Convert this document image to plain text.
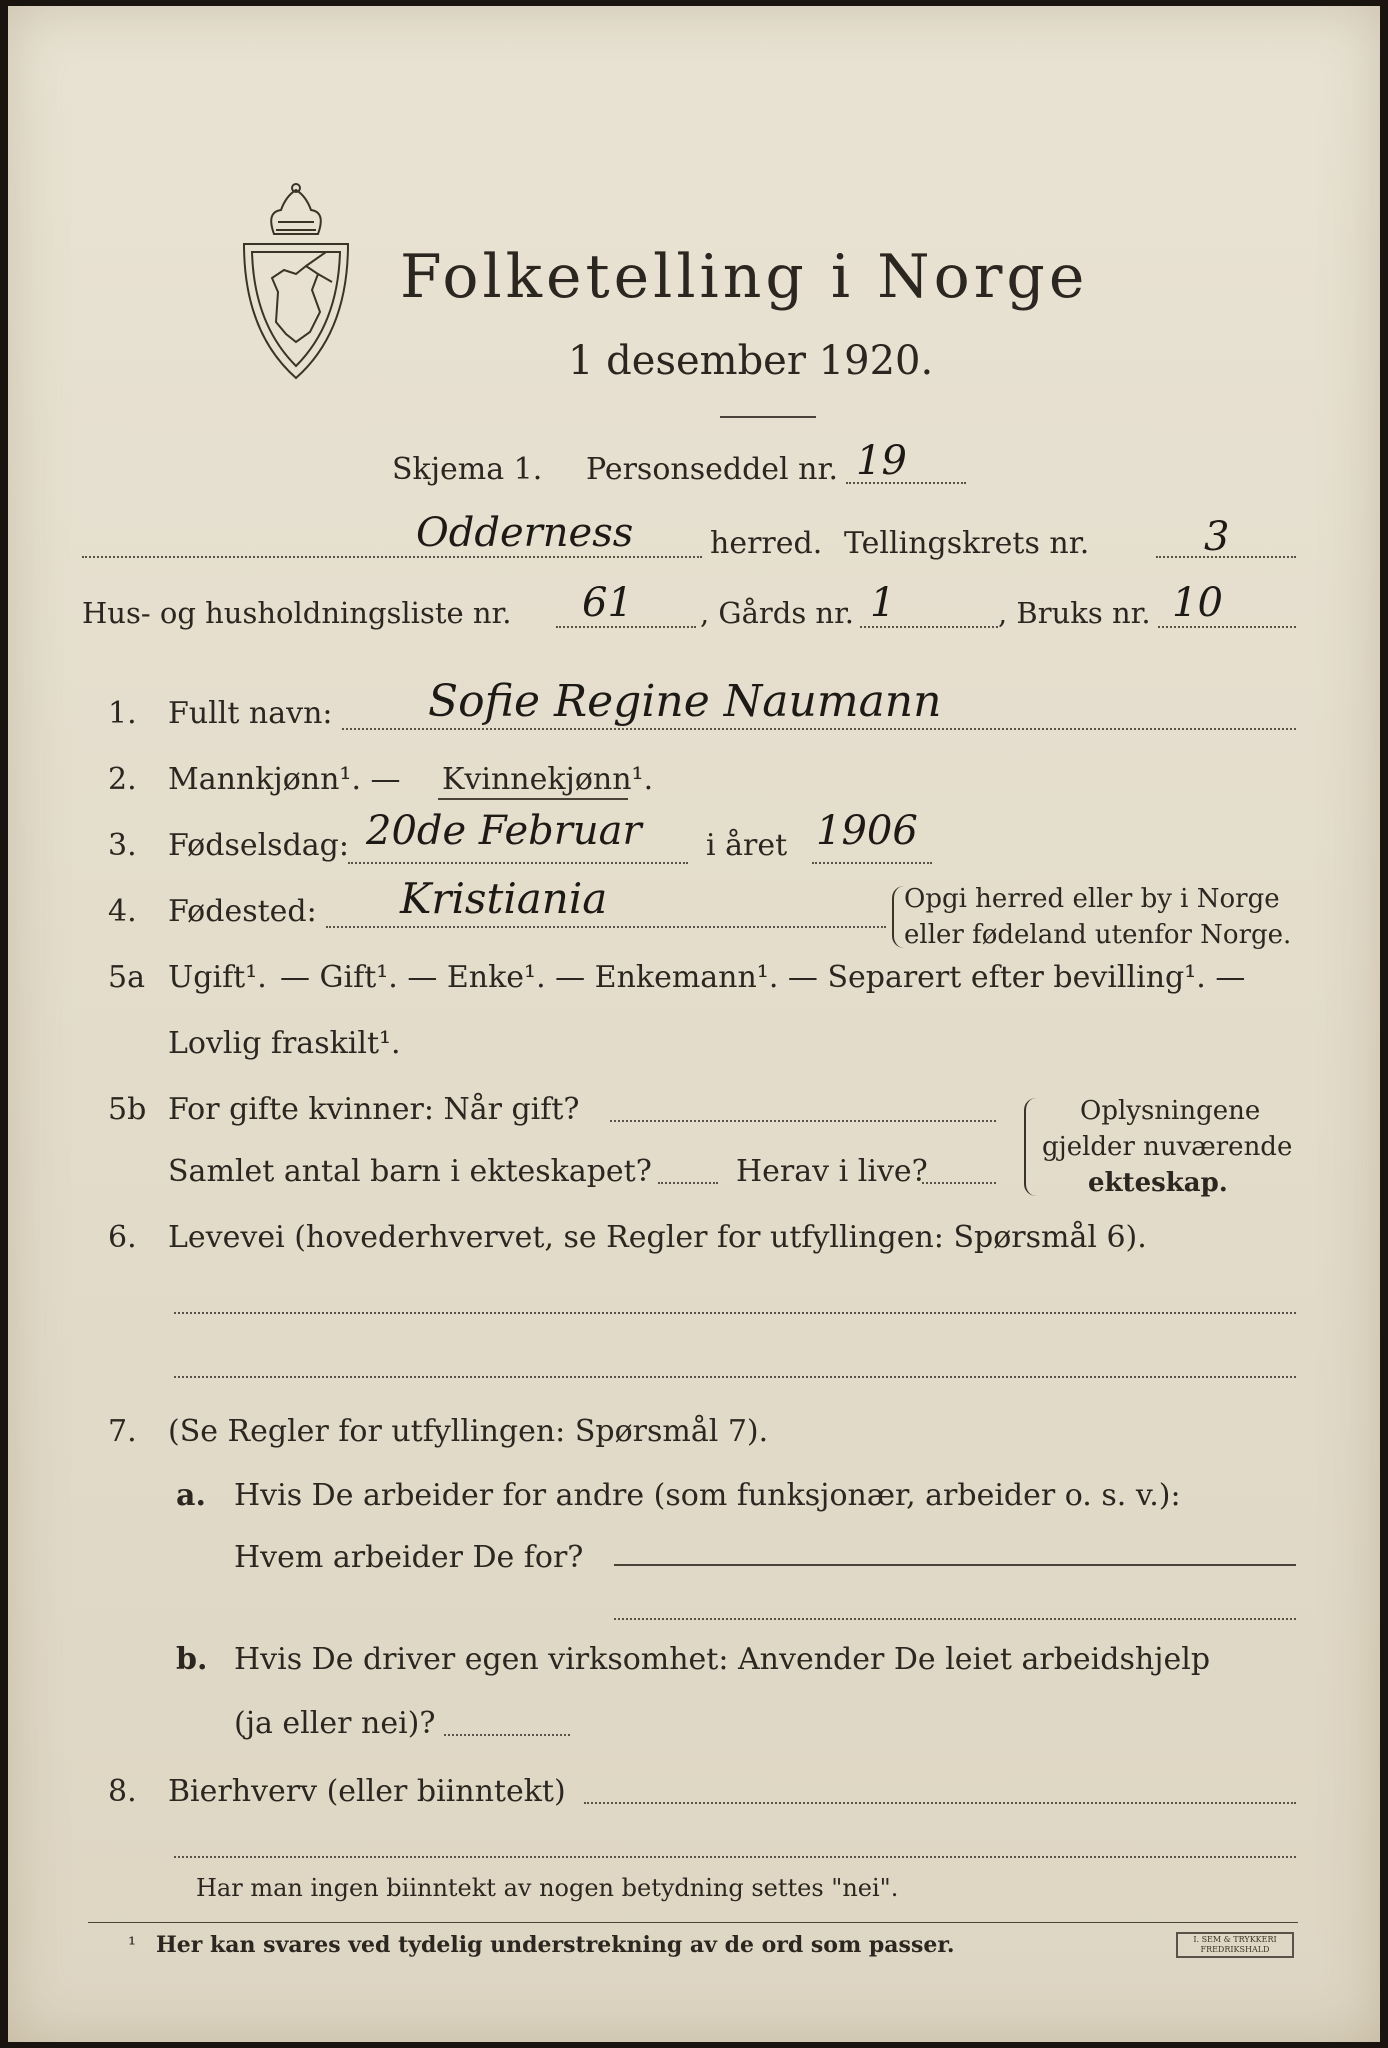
Folketelling i Norge
1 desember 1920.
Skjema 1. Personseddel nr. 19
Odderness	herred. Tellingskrets nr.	3
Hus- og husholdningsliste nr. 61 , Gårds nr. 1	, Bruks nr. 10
1. Fullt navn: Sofie Regine Naumann
2. Mannkjønn¹. — Kvinnekjønn¹.
3. Fødselsdag: 20de Februar i året 1906
4. Fødested: Kristiania	Opgi herred eller by i Norge
eller fødeland utenfor Norge.
5a Ugift¹. — Gift¹. — Enke¹. — Enkemann¹. — Separert efter bevilling¹. —
Lovlig fraskilt¹.
5b For gifte kvinner: Når gift?
Samlet antal barn i ekteskapet?	Herav i live?
Oplysningene
gjelder nuværende
ekteskap.
6. Levevei (hovederhvervet, se Regler for utfyllingen: Spørsmål 6).
7. (Se Regler for utfyllingen: Spørsmål 7).
a. Hvis De arbeider for andre (som funksjonær, arbeider o. s. v.):
Hvem arbeider De for?
b. Hvis De driver egen virksomhet: Anvender De leiet arbeidshjelp
(ja eller nei)?
8. Bierhverv (eller biinntekt)
Har man ingen biinntekt av nogen betydning settes "nei".
¹ Her kan svares ved tydelig understrekning av de ord som passer.	I. SEM & TRYKKERI
FREDRIKSHALD
